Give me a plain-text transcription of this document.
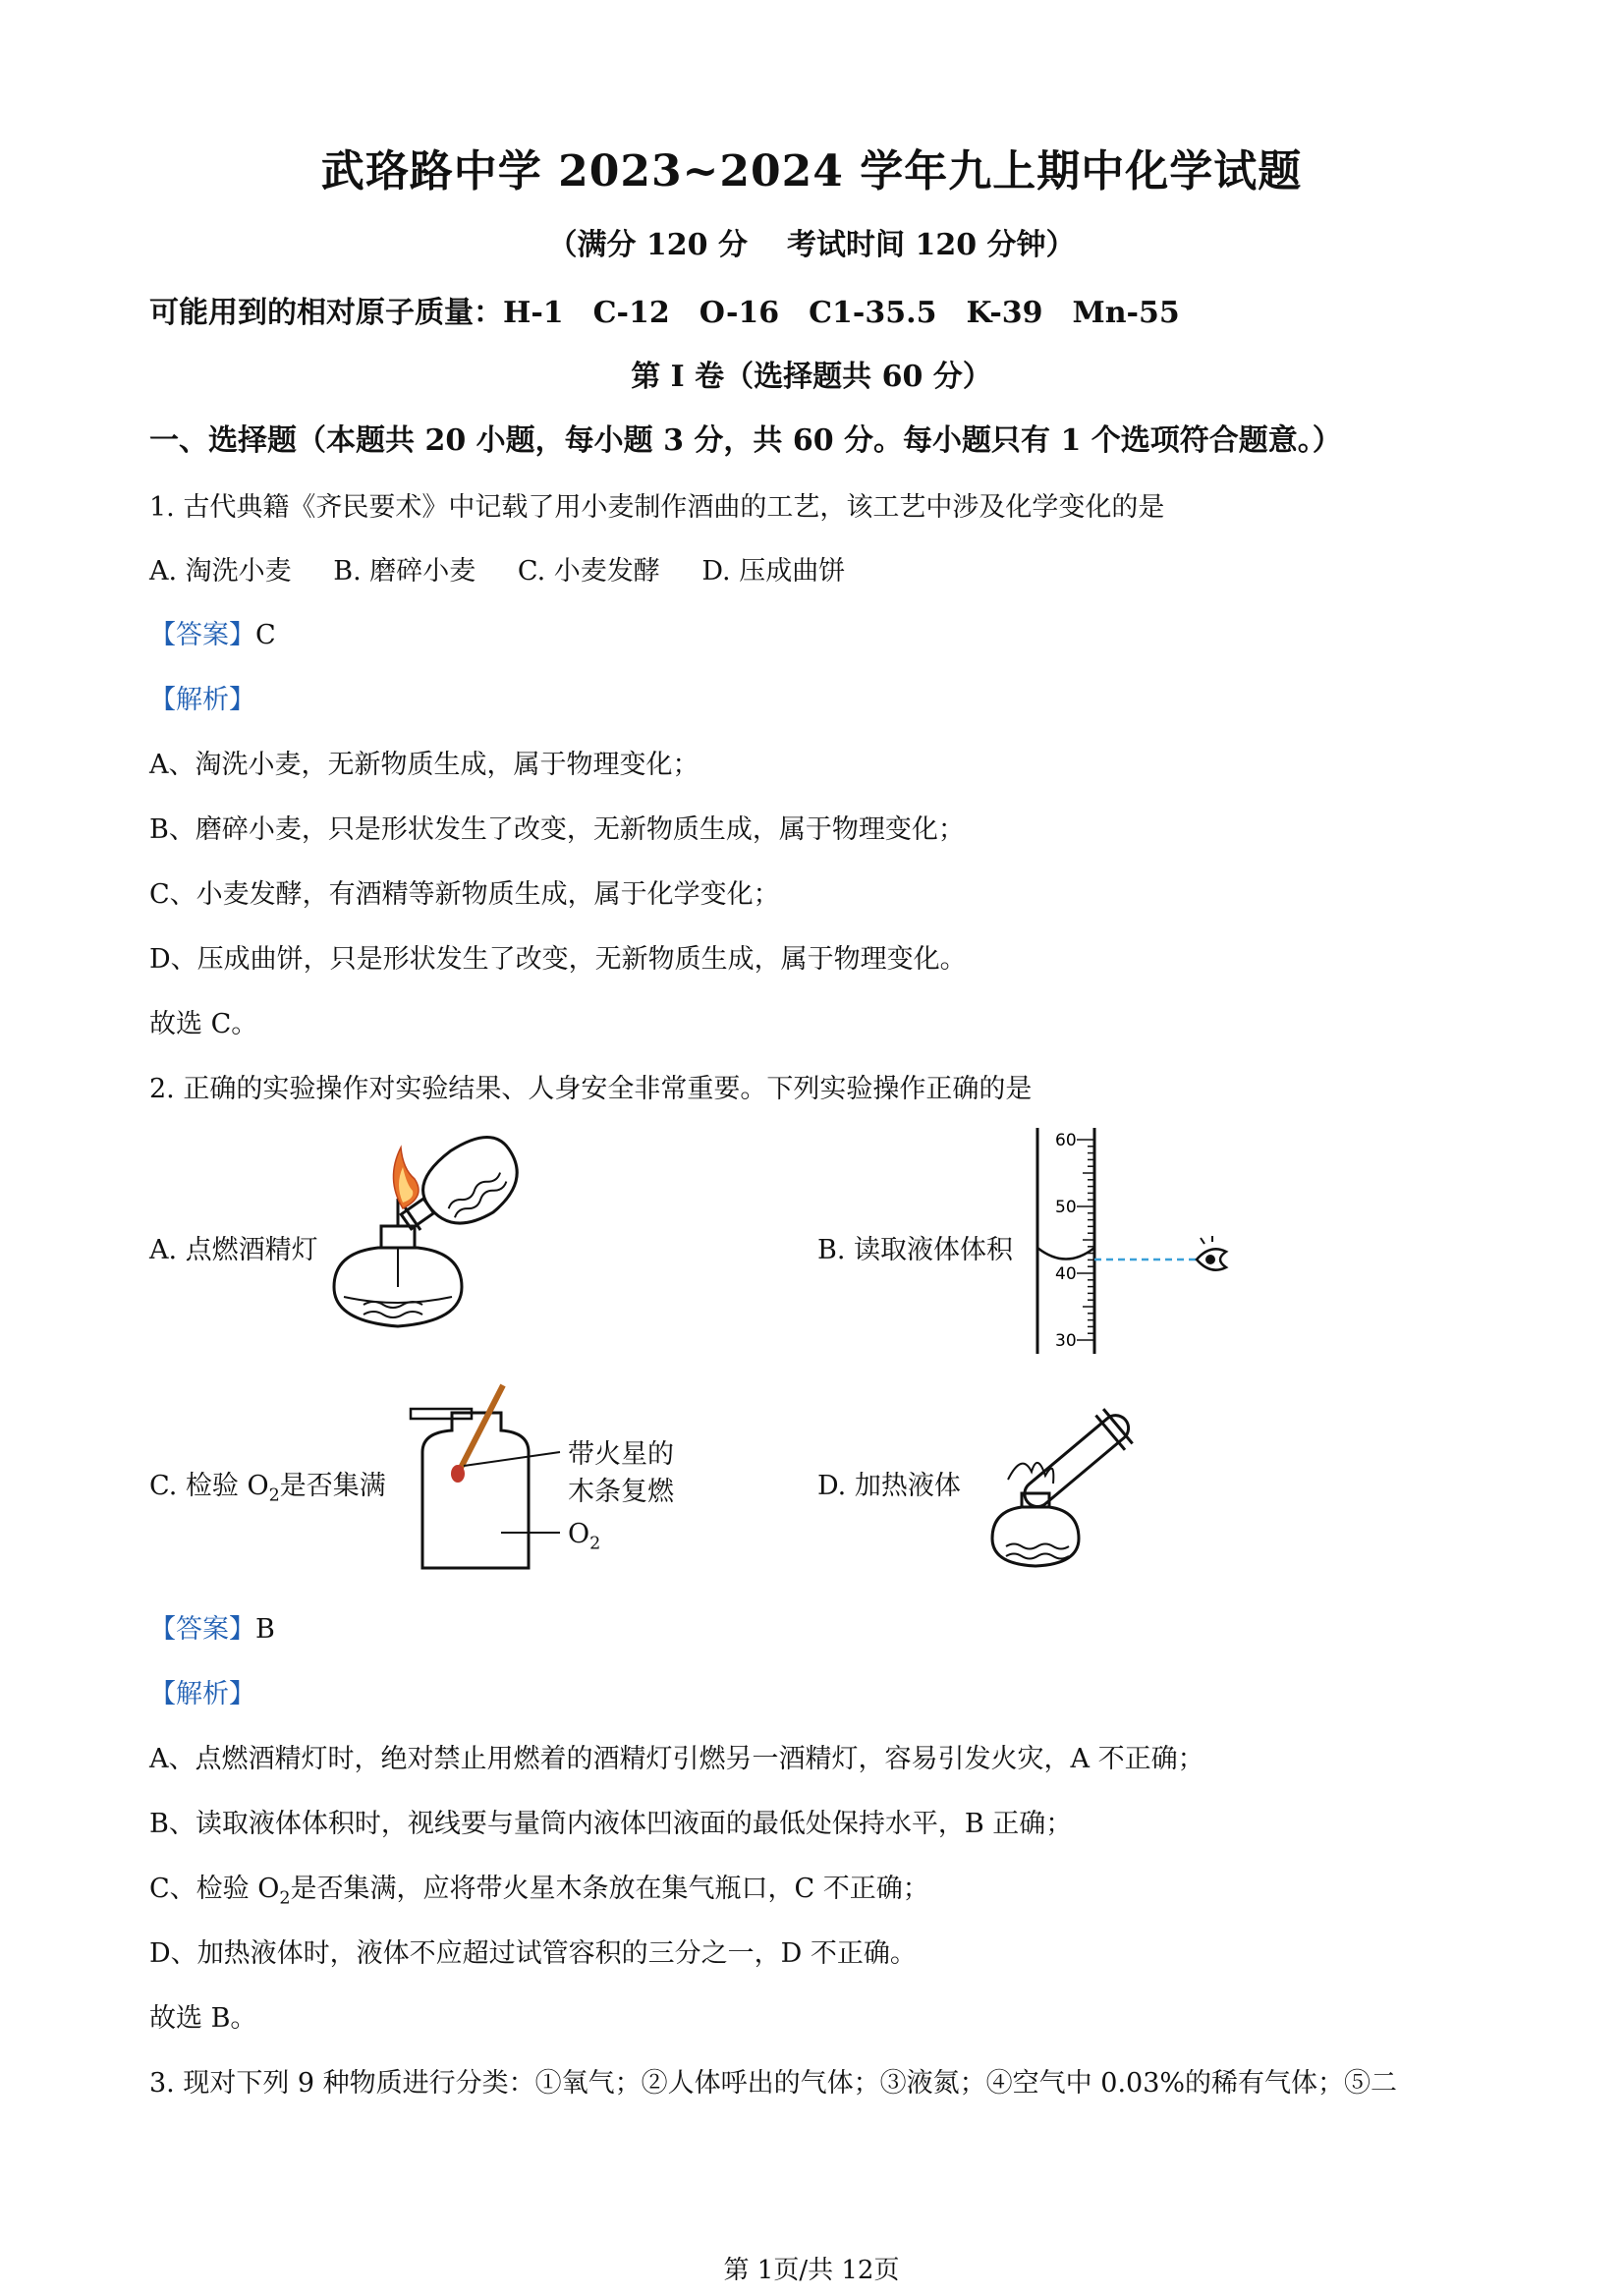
武珞路中学 2023~2024 学年九上期中化学试题
（满分 120 分 考试时间 120 分钟）
可能用到的相对原子质量：H-1　C-12　O-16　C1-35.5　K-39　Mn-55
第 I 卷（选择题共 60 分）
一、选择题（本题共 20 小题，每小题 3 分，共 60 分。每小题只有 1 个选项符合题意。）
1. 古代典籍《齐民要术》中记载了用小麦制作酒曲的工艺，该工艺中涉及化学变化的是
A. 淘洗小麦 B. 磨碎小麦 C. 小麦发酵 D. 压成曲饼
【答案】C
【解析】
A、淘洗小麦，无新物质生成，属于物理变化；
B、磨碎小麦，只是形状发生了改变，无新物质生成，属于物理变化；
C、小麦发酵，有酒精等新物质生成，属于化学变化；
D、压成曲饼，只是形状发生了改变，无新物质生成，属于物理变化。
故选 C。
2. 正确的实验操作对实验结果、人身安全非常重要。下列实验操作正确的是
A. 点燃酒精灯	B. 读取液体体积
60
50
40
30
C. 检验 $O_2$是否集满
带火星的
木条复燃
$O_2$
D. 加热液体
【答案】B
【解析】
A、点燃酒精灯时，绝对禁止用燃着的酒精灯引燃另一酒精灯，容易引发火灾，A 不正确；
B、读取液体体积时，视线要与量筒内液体凹液面的最低处保持水平，B 正确；
C、检验 $O_2$是否集满，应将带火星木条放在集气瓶口，C 不正确；
D、加热液体时，液体不应超过试管容积的三分之一，D 不正确。
故选 B。
3. 现对下列 9 种物质进行分类：①氧气；②人体呼出的气体；③液氮；④空气中 0.03%的稀有气体；⑤二
第 1页/共 12页
